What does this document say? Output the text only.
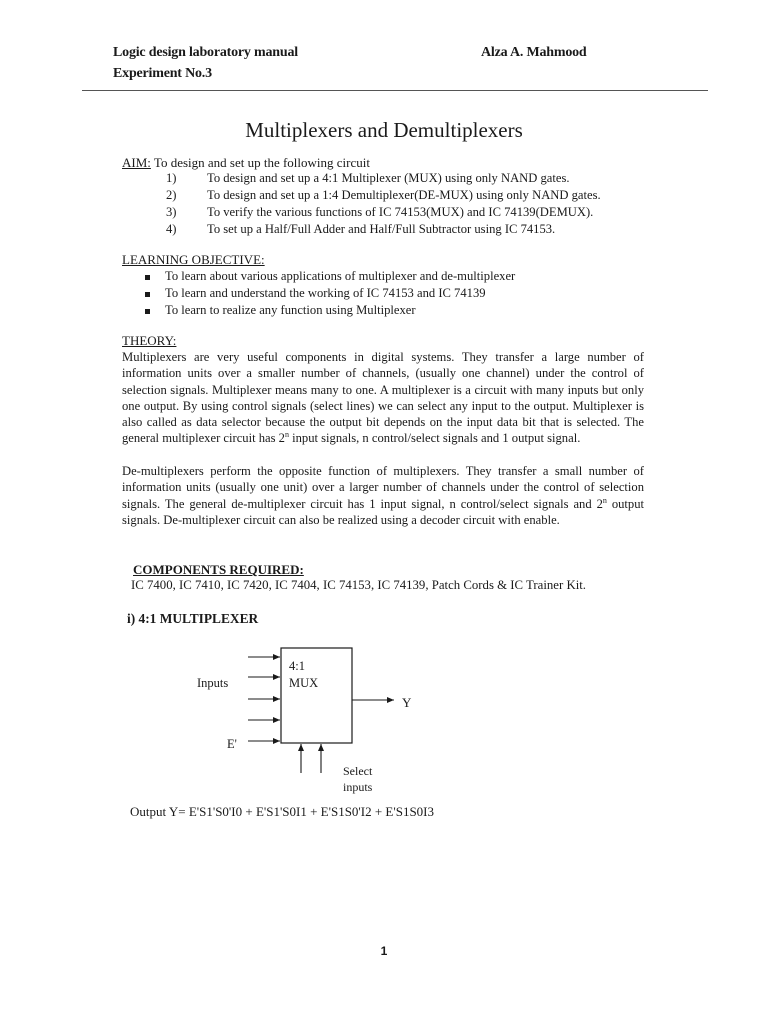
Logic design laboratory manual
Experiment No.3
Alza A. Mahmood
Multiplexers and Demultiplexers
AIM: To design and set up the following circuit
1)	To design and set up a 4:1 Multiplexer (MUX) using only NAND gates.
2)	To design and set up a 1:4 Demultiplexer(DE-MUX) using only NAND gates.
3)	To verify the various functions of IC 74153(MUX) and IC 74139(DEMUX).
4)	To set up a Half/Full Adder and Half/Full Subtractor using IC 74153.
LEARNING OBJECTIVE:
To learn about various applications of multiplexer and de-multiplexer
To learn and understand the working of IC 74153 and IC 74139
To learn to realize any function using Multiplexer
THEORY:
Multiplexers are very useful components in digital systems. They transfer a large number of information units over a smaller number of channels, (usually one channel) under the control of selection signals. Multiplexer means many to one. A multiplexer is a circuit with many inputs but only one output. By using control signals (select lines) we can select any input to the output. Multiplexer is also called as data selector because the output bit depends on the input data bit that is selected. The general multiplexer circuit has 2$^n$ input signals, n control/select signals and 1 output signal.
De-multiplexers perform the opposite function of multiplexers. They transfer a small number of information units (usually one unit) over a larger number of channels under the control of selection signals. The general de-multiplexer circuit has 1 input signal, n control/select signals and 2$^n$ output signals. De-multiplexer circuit can also be realized using a decoder circuit with enable.
COMPONENTS REQUIRED:
IC 7400, IC 7410, IC 7420, IC 7404, IC 74153, IC 74139, Patch Cords & IC Trainer Kit.
i) 4:1 MULTIPLEXER
4:1
MUX
Inputs
Y
E'
Select
inputs
Output Y= E'S1'S0'I0 + E'S1'S0I1 + E'S1S0'I2 + E'S1S0I3
1
